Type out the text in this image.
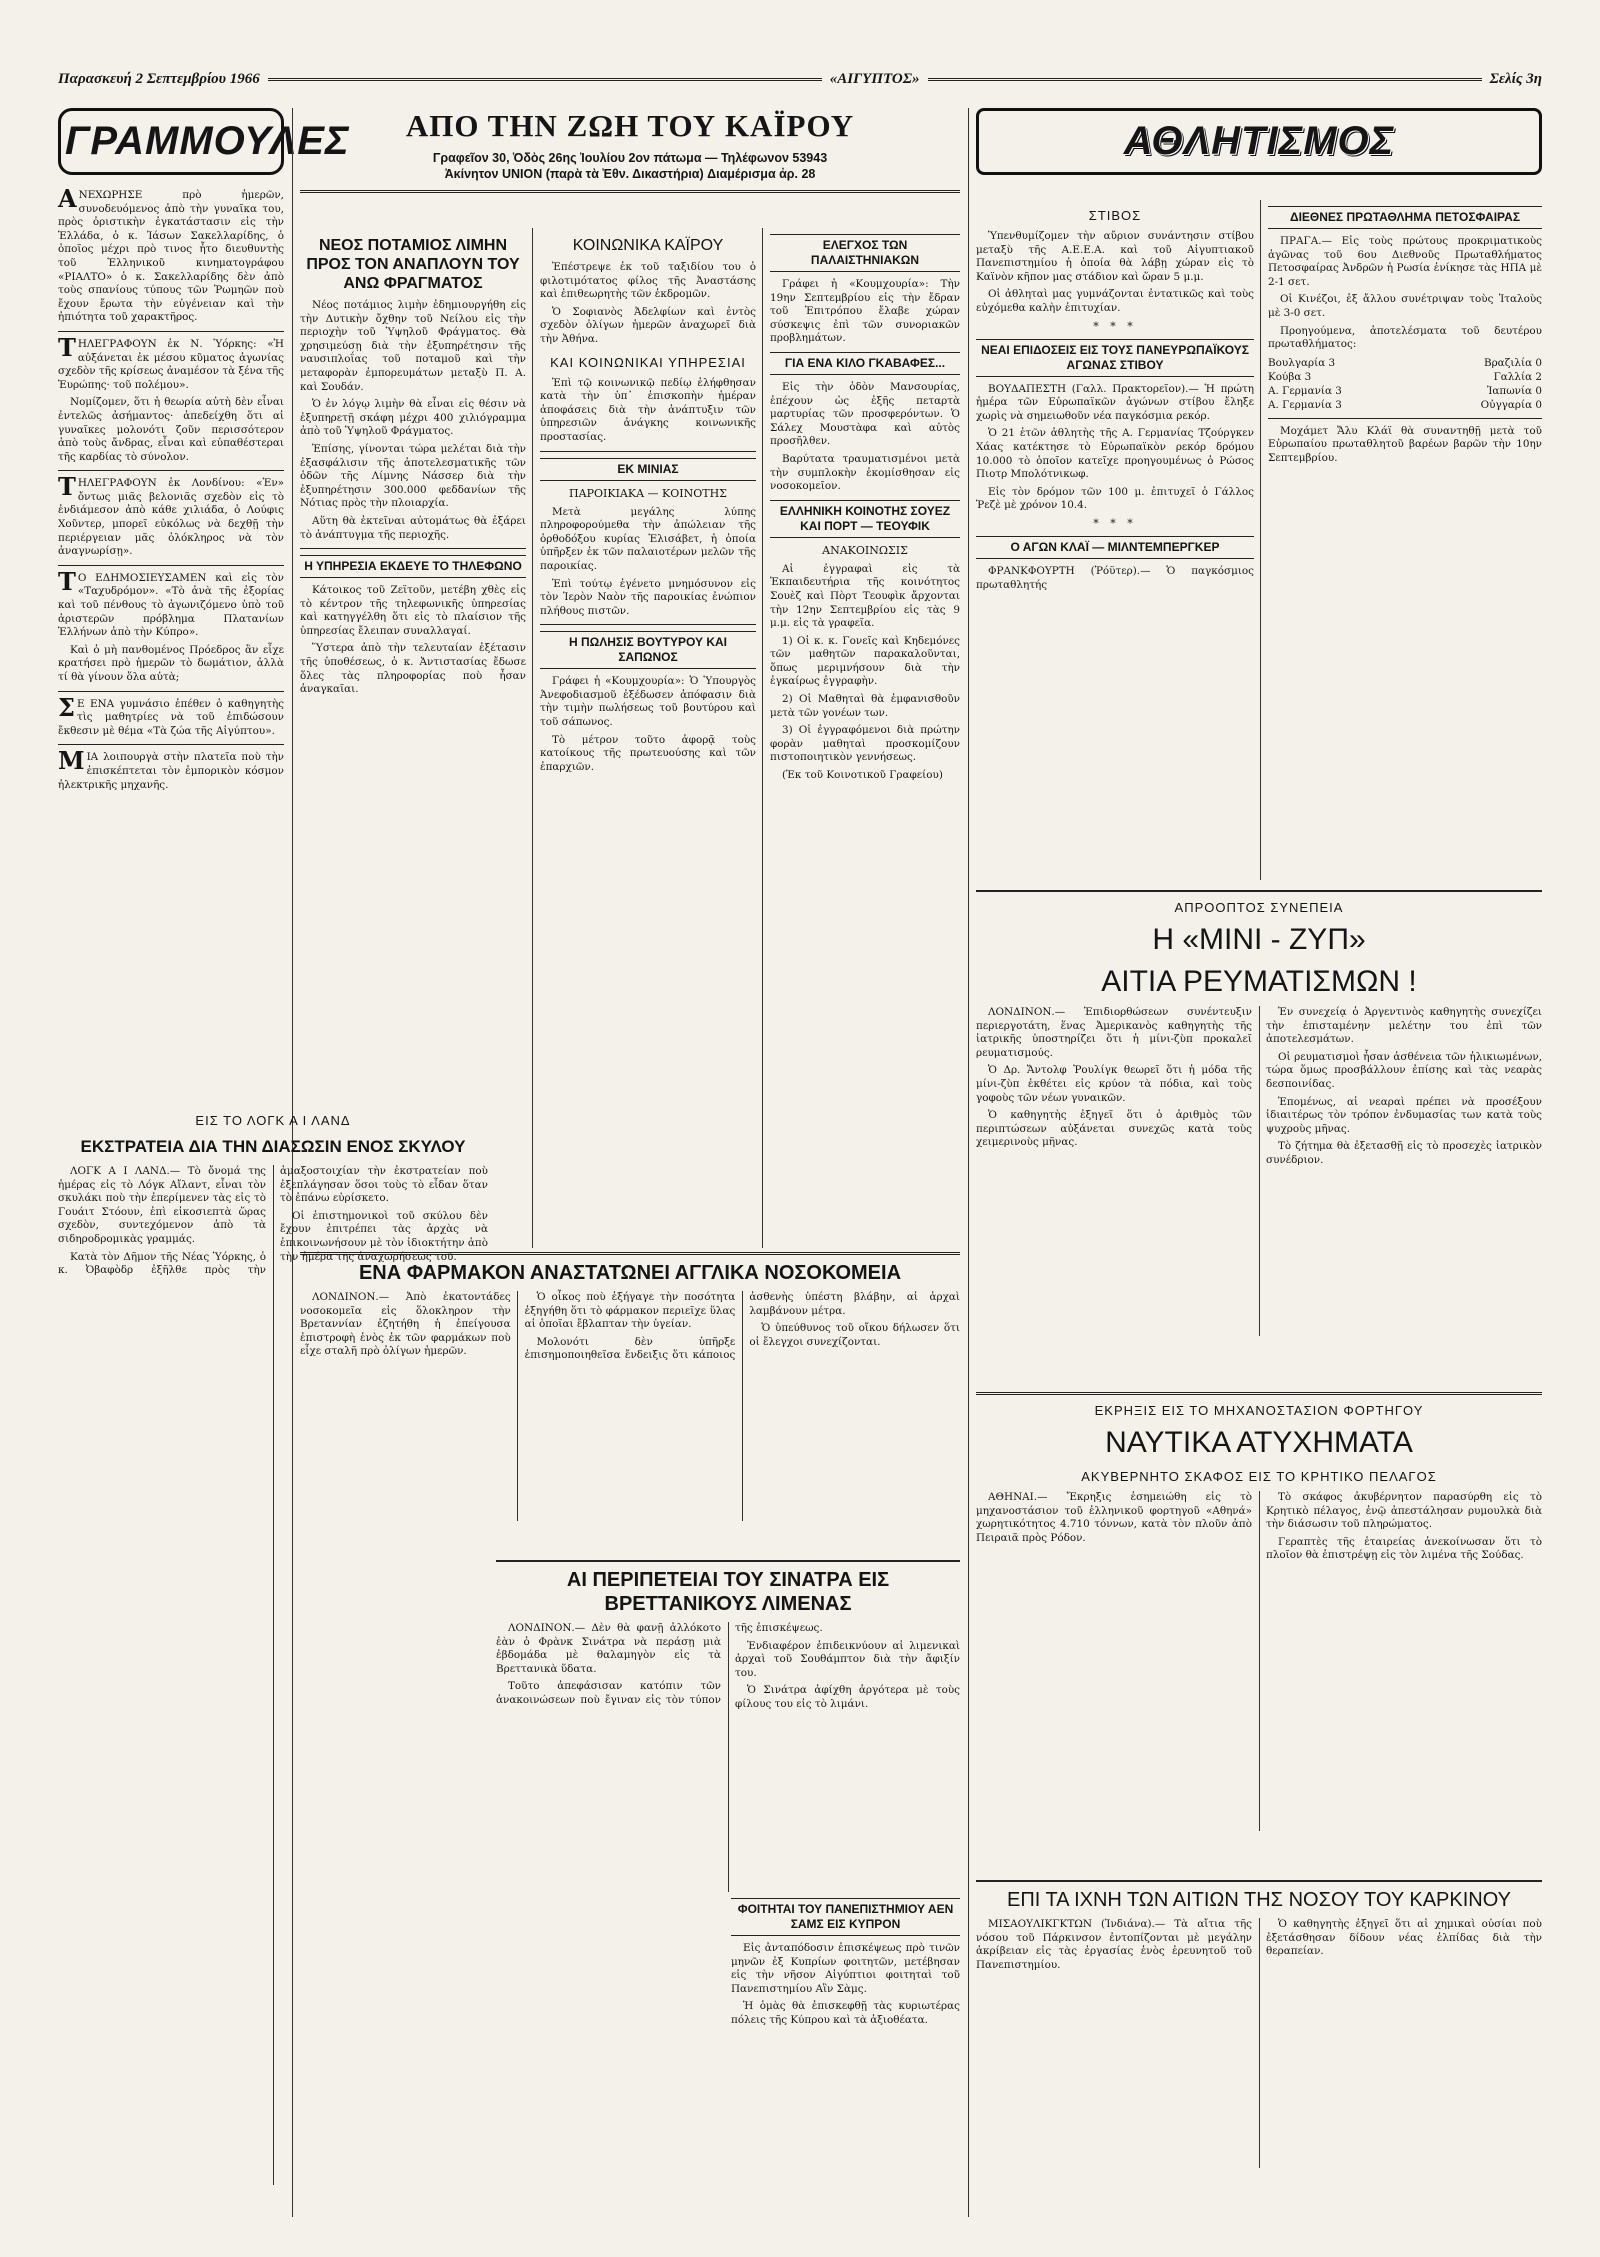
Παρασκευή 2 Σεπτεμβρίου 1966	«ΑΙΓΥΠΤΟΣ»	Σελίς 3η
ΓΡΑΜΜΟΥΛΕΣ

ΑΝΕΧΩΡΗΣΕ πρὸ ἡμερῶν, συνοδευόμενος ἀπὸ τὴν γυναῖκα του, πρὸς ὀριστικὴν ἐγκατάστασιν εἰς τὴν Ἑλλάδα, ὁ κ. Ἰάσων Σακελλαρίδης, ὁ ὁποῖος μέχρι πρὸ τινος ἦτο διευθυντὴς τοῦ Ἑλληνικοῦ κινηματογράφου «ΡΙΑΛΤΟ» ὁ κ. Σακελλαρίδης δὲν ἀπὸ τοὺς σπανίους τύπους τῶν Ῥωμηῶν ποὺ ἔχουν ἔρωτα τὴν εὐγένειαν καὶ τὴν ἠπιότητα τοῦ χαρακτῆρος.

ΤΗΛΕΓΡΑΦΟΥΝ ἐκ Ν. Ὑόρκης: «Ἡ αὐξάνεται ἐκ μέσου κῦματος ἀγωνίας σχεδὸν τῆς κρίσεως ἀναμέσον τὰ ξένα τῆς Ἑυρώπης· τοῦ πολέμου».

Νομίζομεν, ὅτι ἡ θεωρία αὐτὴ δὲν εἶναι ἐντελῶς ἀσήμαντος· ἀπεδείχθη ὅτι αἱ γυναῖκες μολονότι ζοῦν περισσότερον ἀπὸ τοὺς ἄνδρας, εἶναι καὶ εὐπαθέστεραι τῆς καρδίας τὸ σύνολον.

ΤΗΛΕΓΡΑΦΟΥΝ ἐκ Λονδίνου: «Ἐν» ὄντως μιᾶς βελονιᾶς σχεδὸν εἰς τὸ ἐνδιάμεσον ἀπὸ κάθε χιλιάδα, ὁ Λούφις Χοῦντερ, μπορεῖ εὐκόλως νὰ δεχθῇ τὴν περιέργειαν μᾶς ὀλόκληρος νὰ τὸν ἀναγνωρίσῃ».

ΤΟ ΕΔΗΜΟΣΙΕΥΣΑΜΕΝ καὶ εἰς τὸν «Ταχυδρόμον». «Τὸ ἀνὰ τῆς ἐξορίας καὶ τοῦ πένθους τὸ ἀγωνιζόμενο ὑπὸ τοῦ ἀριστερῶν πρόβλημα Πλατανίων Ἑλλήνων ἀπὸ τὴν Κύπρο».

Καὶ ὁ μὴ πανθομένος Πρόεδρος ἂν εἶχε κρατήσει πρὸ ἡμερῶν τὸ δωμάτιον, ἀλλὰ τί θὰ γίνουν ὅλα αὐτὰ;

ΣΕ ΕΝΑ γυμνάσιο ἐπέθεν ὁ καθηγητὴς τὶς μαθητρίες νὰ τοῦ ἐπιδώσουν ἔκθεσιν μὲ θέμα «Τὰ ζώα τῆς Αἰγύπτου».

ΜΙΑ λοιπουργὰ στὴν πλατεῖα ποὺ τὴν ἐπισκέπτεται τὸν ἐμπορικὸν κόσμον ἠλεκτρικῆς μηχανῆς.

ΕΙΣ ΤΟ ΛΟΓΚ Α Ι ΛΑΝΔ
ΕΚΣΤΡΑΤΕΙΑ ΔΙΑ ΤΗΝ ΔΙΑΣΩΣΙΝ ΕΝΟΣ ΣΚΥΛΟΥ

ΛΟΓΚ Α Ι ΛΑΝΔ.— Τὸ ὄνομά της ἡμέρας εἰς τὸ Λόγκ Αἴλαντ, εἶναι τὸν σκυλάκι ποὺ τὴν ἐπερίμενεν τὰς εἰς τὸ Γουάιτ Στόουν, ἐπὶ εἰκοσιεπτὰ ὥρας σχεδὸν, συντεχόμενον ἀπὸ τὰ σιδηροδρομικὰς γραμμάς.

Κατὰ τὸν Δῆμον τῆς Νέας Ὑόρκης, ὁ κ. Ὀβαφὸδρ ἐξῆλθε πρὸς τὴν ἁμαξοστοιχίαν τὴν ἐκστρατείαν ποὺ ἐξεπλάγησαν ὅσοι τοὺς τὸ εἶδαν ὅταν τὸ ἐπάνω εὑρίσκετο.

Οἱ ἐπιστημονικοὶ τοῦ σκύλου δὲν ἔχουν ἐπιτρέπει τὰς ἀρχὰς νὰ ἐπικοινωνήσουν μὲ τὸν ἰδιοκτήτην ἀπὸ τὴν ἡμέρα τῆς ἀναχωρήσεως τοῦ.

ΑΠΟ ΤΗΝ ΖΩΗ ΤΟΥ ΚΑΪΡΟΥ
Γραφεῖον 30, Ὁδὸς 26ης Ἰουλίου 2ον πάτωμα — Τηλέφωνον 53943
Ἀκίνητον UNION (παρὰ τὰ Ἐθν. Δικαστήρια) Διαμέρισμα ἀρ. 28
ΝΕΟΣ ΠΟΤΑΜΙΟΣ ΛΙΜΗΝ ΠΡΟΣ ΤΟΝ ΑΝΑΠΛΟΥΝ ΤΟΥ ΑΝΩ ΦΡΑΓΜΑΤΟΣ

Νέος ποτάμιος λιμὴν ἐδημιουργήθη εἰς τὴν Δυτικὴν ὄχθην τοῦ Νείλου εἰς τὴν περιοχὴν τοῦ Ὑψηλοῦ Φράγματος. Θὰ χρησιμεύσῃ διὰ τὴν ἐξυπηρέτησιν τῆς ναυσιπλοΐας τοῦ ποταμοῦ καὶ τὴν μεταφορὰν ἐμπορευμάτων μεταξὺ Π. Α. καὶ Σουδάν.

Ὁ ἐν λόγῳ λιμὴν θὰ εἶναι εἰς θέσιν νὰ ἐξυπηρετῇ σκάφη μέχρι 400 χιλιόγραμμα ἀπὸ τοῦ Ὑψηλοῦ Φράγματος.

Ἐπίσης, γίνονται τώρα μελέται διὰ τὴν ἐξασφάλισιν τῆς ἀποτελεσματικῆς τῶν ὁδῶν τῆς Λίμνης Νάσσερ διὰ τὴν ἐξυπηρέτησιν 300.000 φεδδανίων τῆς Νότιας πρὸς τὴν πλοιαρχία.

Αὕτη θὰ ἐκτεῖναι αὐτομάτως θὰ ἐξάρει τὸ ἀνάπτυγμα τῆς περιοχῆς.

Η ΥΠΗΡΕΣΙΑ ΕΚΔΕΥΕ ΤΟ ΤΗΛΕΦΩΝΟ

Κάτοικος τοῦ Ζεϊτοῦν, μετέβη χθὲς εἰς τὸ κέντρον τῆς τηλεφωνικῆς ὑπηρεσίας καὶ κατηγγέλθη ὅτι εἰς τὸ πλαίσιον τῆς ὑπηρεσίας ἔλειπαν συναλλαγαί.

Ὕστερα ἀπὸ τὴν τελευταίαν ἐξέτασιν τῆς ὑποθέσεως, ὁ κ. Ἀντιστασίας ἔδωσε ὅλες τὰς πληροφορίας ποὺ ἦσαν ἀναγκαῖαι.

ΚΟΙΝΩΝΙΚΑ ΚΑΪΡΟΥ

Ἐπέστρεψε ἐκ τοῦ ταξιδίου του ὁ φιλοτιμότατος φίλος τῆς Ἀναστάσης καὶ ἐπιθεωρητὴς τῶν ἐκδρομῶν.

Ὁ Σοφιανὸς Ἀδελφίων καὶ ἐντὸς σχεδὸν ὀλίγων ἡμερῶν ἀναχωρεῖ διὰ τὴν Ἀθήνα.

ΚΑΙ ΚΟΙΝΩΝΙΚΑΙ ΥΠΗΡΕΣΙΑΙ

Ἐπὶ τῷ κοινωνικῷ πεδίῳ ἐλήφθησαν κατὰ τὴν ὑπ᾽ ἐπισκοπὴν ἡμέραν ἀποφάσεις διὰ τὴν ἀνάπτυξιν τῶν ὑπηρεσιῶν ἀνάγκης κοινωνικῆς προστασίας.

ΕΚ ΜΙΝΙΑΣ
ΠΑΡΟΙΚΙΑΚΑ — ΚΟΙΝΟΤΗΣ

Μετὰ μεγάλης λύπης πληροφορούμεθα τὴν ἀπώλειαν τῆς ὀρθοδόξου κυρίας Ἐλισάβετ, ἡ ὁποία ὑπῆρξεν ἐκ τῶν παλαιοτέρων μελῶν τῆς παροικίας.

Ἐπὶ τούτῳ ἐγένετο μνημόσυνον εἰς τὸν Ἱερὸν Ναὸν τῆς παροικίας ἐνώπιον πλήθους πιστῶν.

Η ΠΩΛΗΣΙΣ ΒΟΥΤΥΡΟΥ ΚΑΙ ΣΑΠΩΝΟΣ

Γράφει ἡ «Κουμχουρία»: Ὁ Ὑπουργὸς Ἀνεφοδιασμοῦ ἐξέδωσεν ἀπόφασιν διὰ τὴν τιμὴν πωλήσεως τοῦ βουτύρου καὶ τοῦ σάπωνος.

Τὸ μέτρον τοῦτο ἀφορᾷ τοὺς κατοίκους τῆς πρωτευούσης καὶ τῶν ἐπαρχιῶν.

ΕΛΕΓΧΟΣ ΤΩΝ ΠΑΛΑΙΣΤΗΝΙΑΚΩΝ

Γράφει ἡ «Κουμχουρία»: Τὴν 19ην Σεπτεμβρίου εἰς τὴν ἔδραν τοῦ Ἐπιτρόπου ἔλαβε χώραν σύσκεψις ἐπὶ τῶν συνοριακῶν προβλημάτων.

ΓΙΑ ΕΝΑ ΚΙΛΟ ΓΚΑΒΑΦΕΣ...

Εἰς τὴν ὁδὸν Μανσουρίας, ἐπέχουν ὡς ἐξῆς πεταρτὰ μαρτυρίας τῶν προσφερόντων. Ὁ Σάλεχ Μουστὰφα καὶ αὐτὸς προσῆλθεν.

Βαρύτατα τραυματισμένοι μετὰ τὴν συμπλοκὴν ἐκομίσθησαν εἰς νοσοκομεῖον.

ΕΛΛΗΝΙΚΗ ΚΟΙΝΟΤΗΣ ΣΟΥΕΖ ΚΑΙ ΠΟΡΤ — ΤΕΟΥΦΙΚ
ΑΝΑΚΟΙΝΩΣΙΣ

Αἱ ἐγγραφαὶ εἰς τὰ Ἐκπαιδευτήρια τῆς κοινότητος Σουὲζ καὶ Πὸρτ Τεουφὶκ ἄρχονται τὴν 12ην Σεπτεμβρίου εἰς τὰς 9 μ.μ. εἰς τὰ γραφεῖα.

1) Οἱ κ. κ. Γονεῖς καὶ Κηδεμόνες τῶν μαθητῶν παρακαλοῦνται, ὅπως μεριμνήσουν διὰ τὴν ἐγκαίρως ἐγγραφὴν.

2) Οἱ Μαθηταὶ θὰ ἐμφανισθοῦν μετὰ τῶν γονέων των.

3) Οἱ ἐγγραφόμενοι διὰ πρώτην φορὰν μαθηταὶ προσκομίζουν πιστοποιητικὸν γεννήσεως.

(Ἐκ τοῦ Κοινοτικοῦ Γραφείου)

ΕΝΑ ΦΑΡΜΑΚΟΝ ΑΝΑΣΤΑΤΩΝΕΙ ΑΓΓΛΙΚΑ ΝΟΣΟΚΟΜΕΙΑ

ΛΟΝΔΙΝΟΝ.— Ἀπὸ ἑκατοντάδες νοσοκομεῖα εἰς ὅλοκληρον τὴν Βρεταννίαν ἐζητήθη ἡ ἐπείγουσα ἐπιστροφὴ ἑνὸς ἐκ τῶν φαρμάκων ποὺ εἶχε σταλῆ πρὸ ὀλίγων ἡμερῶν.

Ὁ οἶκος ποὺ ἐξήγαγε τὴν ποσότητα ἐξηγήθη ὅτι τὸ φάρμακον περιεῖχε ὕλας αἱ ὁποῖαι ἔβλαπταν τὴν ὑγείαν.

Μολονότι δὲν ὑπῆρξε ἐπισημοποιηθεῖσα ἔνδειξις ὅτι κάποιος ἀσθενὴς ὑπέστη βλάβην, αἱ ἀρχαὶ λαμβάνουν μέτρα.

Ὁ ὑπεύθυνος τοῦ οἴκου δήλωσεν ὅτι οἱ ἔλεγχοι συνεχίζονται.

ΑΙ ΠΕΡΙΠΕΤΕΙΑΙ ΤΟΥ ΣΙΝΑΤΡΑ ΕΙΣ ΒΡΕΤΤΑΝΙΚΟΥΣ ΛΙΜΕΝΑΣ

ΛΟΝΔΙΝΟΝ.— Δὲν θὰ φανῇ ἀλλόκοτο ἐὰν ὁ Φρὰνκ Σινάτρα νὰ περάσῃ μιὰ ἐβδομάδα μὲ θαλαμηγὸν εἰς τὰ Βρεττανικὰ ὕδατα.

Τοῦτο ἀπεφάσισαν κατόπιν τῶν ἀνακοινώσεων ποὺ ἔγιναν εἰς τὸν τύπον τῆς ἐπισκέψεως.

Ἐνδιαφέρον ἐπιδεικνύουν αἱ λιμενικαὶ ἀρχαὶ τοῦ Σουθάμπτον διὰ τὴν ἄφιξίν του.

Ὁ Σινάτρα ἀφίχθη ἀργότερα μὲ τοὺς φίλους του εἰς τὸ λιμάνι.

ΦΟΙΤΗΤΑΙ ΤΟΥ ΠΑΝΕΠΙΣΤΗΜΙΟΥ ΑΕΝ ΣΑΜΣ ΕΙΣ ΚΥΠΡΟΝ

Εἰς ἀνταπόδοσιν ἐπισκέψεως πρὸ τινῶν μηνῶν ἐξ Κυπρίων φοιτητῶν, μετέβησαν εἰς τὴν νῆσον Αἰγύπτιοι φοιτηταὶ τοῦ Πανεπιστημίου Αἲν Σὰμς.

Ἡ ὁμὰς θὰ ἐπισκεφθῇ τὰς κυριωτέρας πόλεις τῆς Κύπρου καὶ τὰ ἀξιοθέατα.

ΑΘΛΗΤΙΣΜΟΣ
ΣΤΙΒΟΣ

Ὑπενθυμίζομεν τὴν αὔριον συνάντησιν στίβου μεταξὺ τῆς Α.Ε.Ε.Α. καὶ τοῦ Αἰγυπτιακοῦ Πανεπιστημίου ἡ ὁποία θὰ λάβῃ χώραν εἰς τὸ Καϊνὸν κῆπον μας στάδιον καὶ ὥραν 5 μ.μ.

Οἱ ἀθληταὶ μας γυμνάζονται ἐντατικῶς καὶ τοὺς εὐχόμεθα καλὴν ἐπιτυχίαν.

* * *
ΝΕΑΙ ΕΠΙΔΟΣΕΙΣ ΕΙΣ ΤΟΥΣ ΠΑΝΕΥΡΩΠΑΪΚΟΥΣ ΑΓΩΝΑΣ ΣΤΙΒΟΥ

ΒΟΥΔΑΠΕΣΤΗ (Γαλλ. Πρακτορεῖον).— Ἡ πρώτη ἡμέρα τῶν Εὐρωπαϊκῶν ἀγώνων στίβου ἔληξε χωρὶς νὰ σημειωθοῦν νέα παγκόσμια ρεκόρ.

Ὁ 21 ἐτῶν ἀθλητὴς τῆς Α. Γερμανίας Τζούργκεν Χάας κατέκτησε τὸ Εὐρωπαϊκὸν ρεκόρ δρόμου 10.000 τὸ ὁποῖον κατεῖχε προηγουμένως ὁ Ρώσος Πιοτρ Μπολότνικωφ.

Εἰς τὸν δρόμον τῶν 100 μ. ἐπιτυχεῖ ὁ Γάλλος Ῥεζὲ μὲ χρόνον 10.4.

* * *
Ο ΑΓΩΝ ΚΛΑΪ — ΜΙΛΝΤΕΜΠΕΡΓΚΕΡ

ΦΡΑΝΚΦΟΥΡΤΗ (Ῥόϋτερ).— Ὁ παγκόσμιος πρωταθλητής

ΔΙΕΘΝΕΣ ΠΡΩΤΑΘΛΗΜΑ ΠΕΤΟΣΦΑΙΡΑΣ

ΠΡΑΓΑ.— Εἰς τοὺς πρώτους προκριματικοὺς ἀγῶνας τοῦ 6ου Διεθνοῦς Πρωταθλήματος Πετοσφαίρας Ἀνδρῶν ἡ Ρωσία ἐνίκησε τὰς ΗΠΑ μὲ 2-1 σετ.

Οἱ Κινέζοι, ἐξ ἄλλου συνέτριψαν τοὺς Ἰταλοὺς μὲ 3-0 σετ.

Προηγούμενα, ἀποτελέσματα τοῦ δευτέρου πρωταθλήματος:

Βουλγαρία 3	Βραζιλία 0
Κούβα 3	Γαλλία 2
Α. Γερμανία 3	Ἰαπωνία 0
Α. Γερμανία 3	Οὐγγαρία 0

Μοχάμετ Ἄλυ Κλάϊ θὰ συναντηθῇ μετὰ τοῦ Εὐρωπαίου πρωταθλητοῦ βαρέων βαρῶν τὴν 10ην Σεπτεμβρίου.

ΑΠΡΟΟΠΤΟΣ ΣΥΝΕΠΕΙΑ
Η «ΜΙΝΙ - ΖΥΠ»
ΑΙΤΙΑ ΡΕΥΜΑΤΙΣΜΩΝ !

ΛΟΝΔΙΝΟΝ.— Ἐπιδιορθώσεων συνέντευξιν περιεργοτάτη, ἕνας Ἀμερικανὸς καθηγητὴς τῆς ἰατρικῆς ὑποστηρίζει ὅτι ἡ μίνι-ζὺπ προκαλεῖ ρευματισμούς.

Ὁ Δρ. Ἄντολφ Ῥουλίγκ θεωρεῖ ὅτι ἡ μόδα τῆς μίνι-ζὺπ ἐκθέτει εἰς κρύον τὰ πόδια, καὶ τοὺς γοφοὺς τῶν νέων γυναικῶν.

Ὁ καθηγητὴς ἐξηγεῖ ὅτι ὁ ἀριθμὸς τῶν περιπτώσεων αὐξάνεται συνεχῶς κατὰ τοὺς χειμερινοὺς μῆνας.

Ἐν συνεχείᾳ ὁ Ἀργεντινὸς καθηγητὴς συνεχίζει τὴν ἐπισταμένην μελέτην του ἐπὶ τῶν ἀποτελεσμάτων.

Οἱ ρευματισμοὶ ἦσαν ἀσθένεια τῶν ἡλικιωμένων, τώρα ὅμως προσβάλλουν ἐπίσης καὶ τὰς νεαρὰς δεσποινίδας.

Ἐπομένως, αἱ νεαραὶ πρέπει νὰ προσέξουν ἰδιαιτέρως τὸν τρόπον ἐνδυμασίας των κατὰ τοὺς ψυχροὺς μῆνας.

Τὸ ζήτημα θὰ ἐξετασθῇ εἰς τὸ προσεχὲς ἰατρικὸν συνέδριον.

ΕΚΡΗΞΙΣ ΕΙΣ ΤΟ ΜΗΧΑΝΟΣΤΑΣΙΟΝ ΦΟΡΤΗΓΟΥ
ΝΑΥΤΙΚΑ ΑΤΥΧΗΜΑΤΑ
ΑΚΥΒΕΡΝΗΤΟ ΣΚΑΦΟΣ ΕΙΣ ΤΟ ΚΡΗΤΙΚΟ ΠΕΛΑΓΟΣ

ΑΘΗΝΑΙ.— Ἔκρηξις ἐσημειώθη εἰς τὸ μηχανοστάσιον τοῦ ἑλληνικοῦ φορτηγοῦ «Αθηνά» χωρητικότητος 4.710 τόννων, κατὰ τὸν πλοῦν ἀπὸ Πειραιᾶ πρὸς Ρόδον.

Τὸ σκάφος ἀκυβέρνητον παρασύρθη εἰς τὸ Κρητικὸ πέλαγος, ἐνῷ ἀπεστάλησαν ρυμουλκὰ διὰ τὴν διάσωσιν τοῦ πληρώματος.

Γεραπτὲς τῆς ἑταιρείας ἀνεκοίνωσαν ὅτι τὸ πλοῖον θὰ ἐπιστρέψῃ εἰς τὸν λιμένα τῆς Σούδας.

ΕΠΙ ΤΑ ΙΧΝΗ ΤΩΝ ΑΙΤΙΩΝ ΤΗΣ ΝΟΣΟΥ ΤΟΥ ΚΑΡΚΙΝΟΥ

ΜΙΣΑΟΥΛΙΚΓΚΤΩΝ (Ἰνδιάνα).— Τὰ αἴτια τῆς νόσου τοῦ Πάρκινσον ἐντοπίζονται μὲ μεγάλην ἀκρίβειαν εἰς τὰς ἐργασίας ἑνὸς ἐρευνητοῦ τοῦ Πανεπιστημίου.

Ὁ καθηγητὴς ἐξηγεῖ ὅτι αἱ χημικαὶ οὐσίαι ποὺ ἐξετάσθησαν δίδουν νέας ἐλπίδας διὰ τὴν θεραπείαν.
